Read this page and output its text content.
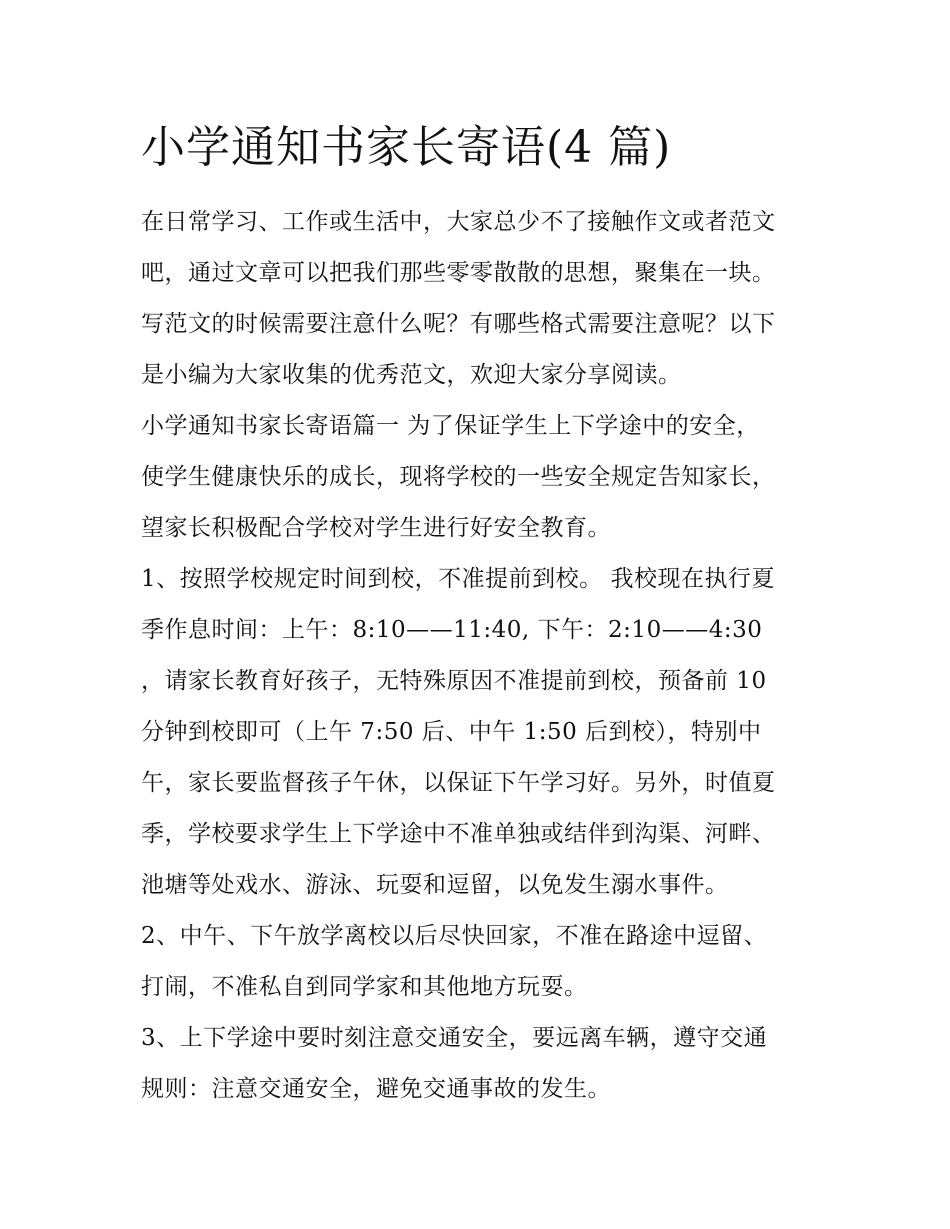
小学通知书家长寄语(4 篇)
在日常学习、工作或生活中，大家总少不了接触作文或者范文
吧，通过文章可以把我们那些零零散散的思想，聚集在一块。
写范文的时候需要注意什么呢？有哪些格式需要注意呢？以下
是小编为大家收集的优秀范文，欢迎大家分享阅读。
小学通知书家长寄语篇一 为了保证学生上下学途中的安全，
使学生健康快乐的成长，现将学校的一些安全规定告知家长，
望家长积极配合学校对学生进行好安全教育。
1、按照学校规定时间到校，不准提前到校。 我校现在执行夏
季作息时间：上午：8:10——11:40, 下午：2:10——4:30
，请家长教育好孩子，无特殊原因不准提前到校，预备前 10
分钟到校即可（上午 7:50 后、中午 1:50 后到校），特别中
午，家长要监督孩子午休，以保证下午学习好。另外，时值夏
季，学校要求学生上下学途中不准单独或结伴到沟渠、河畔、
池塘等处戏水、游泳、玩耍和逗留，以免发生溺水事件。
2、中午、下午放学离校以后尽快回家，不准在路途中逗留、
打闹，不准私自到同学家和其他地方玩耍。
3、上下学途中要时刻注意交通安全，要远离车辆，遵守交通
规则：注意交通安全，避免交通事故的发生。
